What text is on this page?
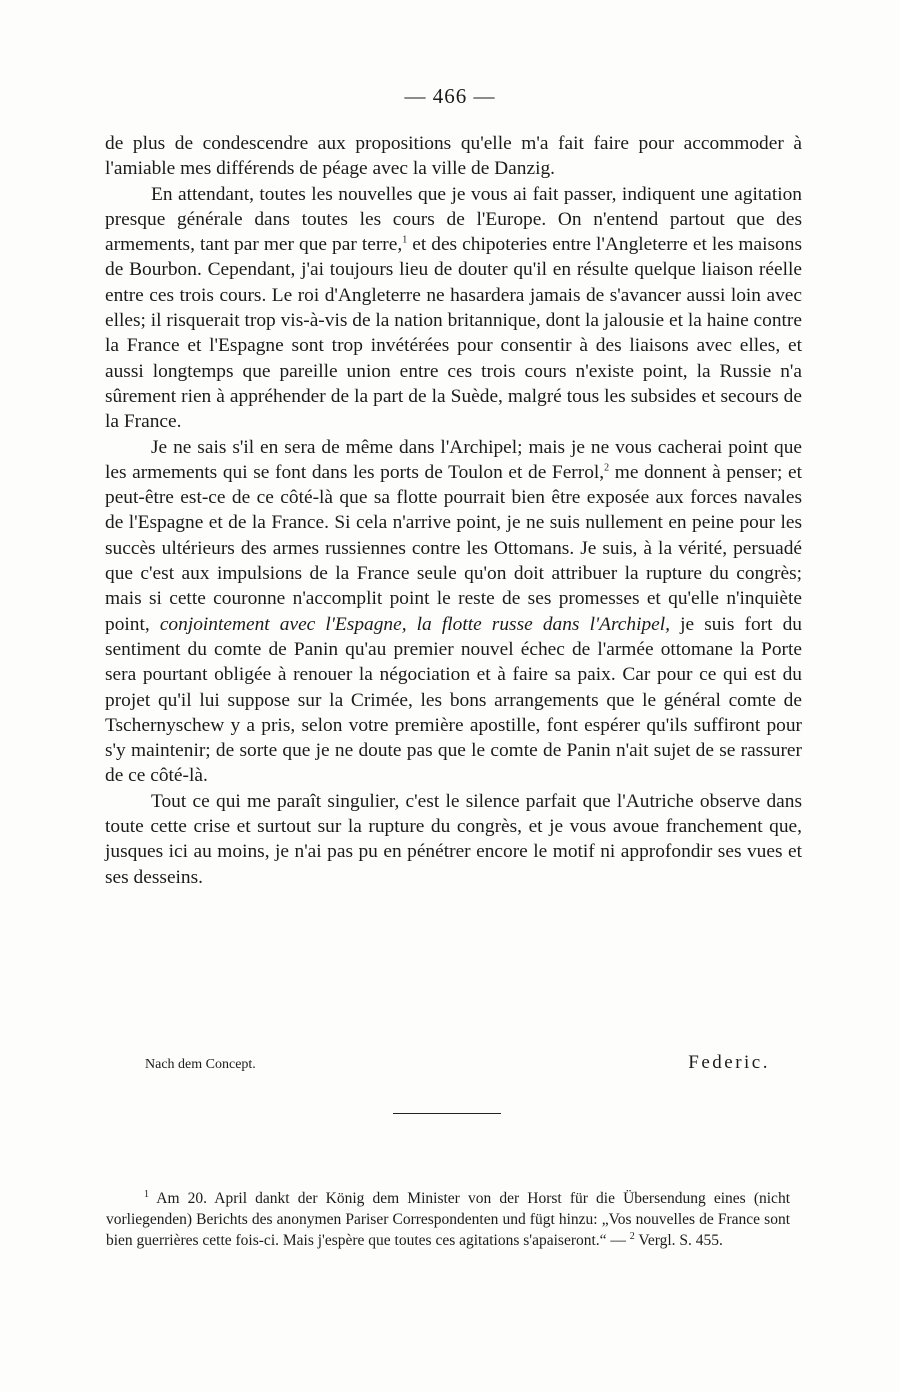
— 466 —

de plus de condescendre aux propositions qu'elle m'a fait faire pour accommoder à l'amiable mes différends de péage avec la ville de Danzig.

En attendant, toutes les nouvelles que je vous ai fait passer, indiquent une agitation presque générale dans toutes les cours de l'Europe. On n'entend partout que des armements, tant par mer que par terre,$^1$ et des chipoteries entre l'Angleterre et les maisons de Bourbon. Cependant, j'ai toujours lieu de douter qu'il en résulte quelque liaison réelle entre ces trois cours. Le roi d'Angleterre ne hasardera jamais de s'avancer aussi loin avec elles; il risquerait trop vis-à-vis de la nation britannique, dont la jalousie et la haine contre la France et l'Espagne sont trop invétérées pour consentir à des liaisons avec elles, et aussi longtemps que pareille union entre ces trois cours n'existe point, la Russie n'a sûrement rien à appréhender de la part de la Suède, malgré tous les subsides et secours de la France.

Je ne sais s'il en sera de même dans l'Archipel; mais je ne vous cacherai point que les armements qui se font dans les ports de Toulon et de Ferrol,$^2$ me donnent à penser; et peut-être est-ce de ce côté-là que sa flotte pourrait bien être exposée aux forces navales de l'Espagne et de la France. Si cela n'arrive point, je ne suis nullement en peine pour les succès ultérieurs des armes russiennes contre les Ottomans. Je suis, à la vérité, persuadé que c'est aux impulsions de la France seule qu'on doit attribuer la rupture du congrès; mais si cette couronne n'accomplit point le reste de ses promesses et qu'elle n'inquiète point, conjointement avec l'Espagne, la flotte russe dans l'Archipel, je suis fort du sentiment du comte de Panin qu'au premier nouvel échec de l'armée ottomane la Porte sera pourtant obligée à renouer la négociation et à faire sa paix. Car pour ce qui est du projet qu'il lui suppose sur la Crimée, les bons arrangements que le général comte de Tschernyschew y a pris, selon votre première apostille, font espérer qu'ils suffiront pour s'y maintenir; de sorte que je ne doute pas que le comte de Panin n'ait sujet de se rassurer de ce côté-là.

Tout ce qui me paraît singulier, c'est le silence parfait que l'Autriche observe dans toute cette crise et surtout sur la rupture du congrès, et je vous avoue franchement que, jusques ici au moins, je n'ai pas pu en pénétrer encore le motif ni approfondir ses vues et ses desseins.

Nach dem Concept.	Federic.

$^1$ Am 20. April dankt der König dem Minister von der Horst für die Übersendung eines (nicht vorliegenden) Berichts des anonymen Pariser Correspondenten und fügt hinzu: „Vos nouvelles de France sont bien guerrières cette fois-ci. Mais j'espère que toutes ces agitations s'apaiseront.“ — $^2$ Vergl. S. 455.
